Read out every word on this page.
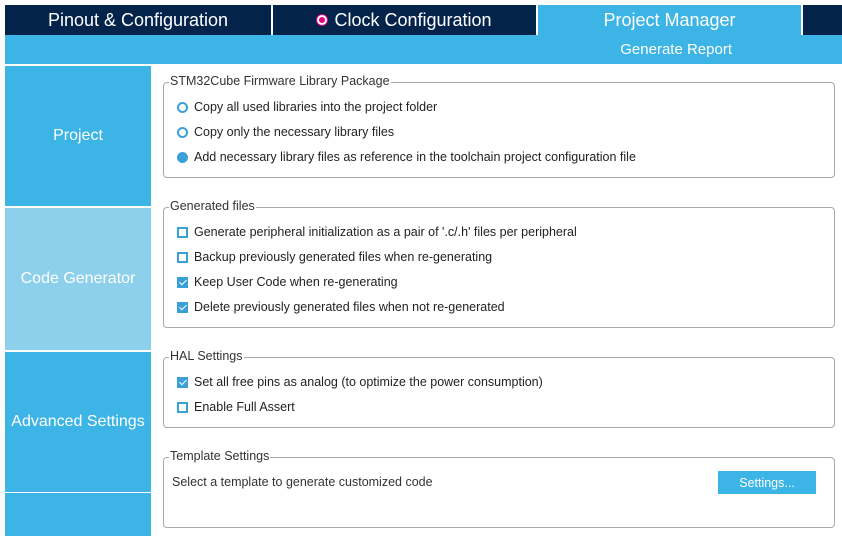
Pinout & Configuration	Clock Configuration	Project Manager
Generate Report
Project
Code Generator
Advanced Settings
STM32Cube Firmware Library Package
Copy all used libraries into the project folder
Copy only the necessary library files
Add necessary library files as reference in the toolchain project configuration file
Generated files
Generate peripheral initialization as a pair of '.c/.h' files per peripheral
Backup previously generated files when re-generating
Keep User Code when re-generating
Delete previously generated files when not re-generated
HAL Settings
Set all free pins as analog (to optimize the power consumption)
Enable Full Assert
Template Settings
Select a template to generate customized code	Settings...
